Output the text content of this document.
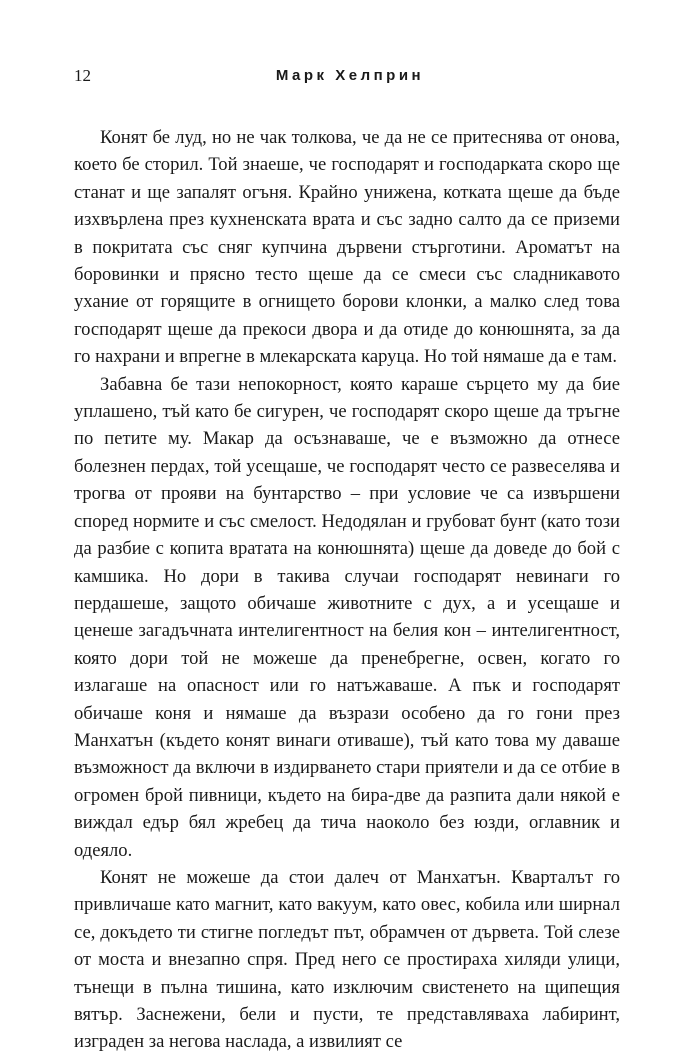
12	Марк Хелприн

Конят бе луд, но не чак толкова, че да не се притеснява от онова, което бе сторил. Той знаеше, че господарят и господарката скоро ще станат и ще запалят огъня. Крайно унижена, котката щеше да бъде изхвърлена през кухненската врата и със задно салто да се приземи в покритата със сняг купчина дървени стърготини. Ароматът на боровинки и прясно тесто щеше да се смеси със сладникавото ухание от горящите в огнището борови клонки, а малко след това господарят щеше да прекоси двора и да отиде до конюшнята, за да го нахрани и впрегне в млекарската каруца. Но той нямаше да е там.

Забавна бе тази непокорност, която караше сърцето му да бие уплашено, тъй като бе сигурен, че господарят скоро щеше да тръгне по петите му. Макар да осъзнаваше, че е възможно да отнесе болезнен пердах, той усещаше, че господарят често се развеселява и трогва от прояви на бунтарство – при условие че са извършени според нормите и със смелост. Недодялан и грубоват бунт (като този да разбие с копита вратата на конюшнята) щеше да доведе до бой с камшика. Но дори в такива случаи господарят невинаги го пердашеше, защото обичаше животните с дух, а и усещаше и ценеше загадъчната интелигентност на белия кон – интелигентност, която дори той не можеше да пренебрегне, освен, когато го излагаше на опасност или го натъжаваше. А пък и господарят обичаше коня и нямаше да възрази особено да го гони през Манхатън (където конят винаги отиваше), тъй като това му даваше възможност да включи в издирването стари приятели и да се отбие в огромен брой пивници, където на бира-две да разпита дали някой е виждал едър бял жребец да тича наоколо без юзди, оглавник и одеяло.

Конят не можеше да стои далеч от Манхатън. Кварталът го привличаше като магнит, като вакуум, като овес, кобила или ширнал се, докъдето ти стигне погледът път, обрамчен от дървета. Той слезе от моста и внезапно спря. Пред него се простираха хиляди улици, тънещи в пълна тишина, като изключим свистенето на щипещия вятър. Заснежени, бели и пусти, те представляваха лабиринт, изграден за негова наслада, а извилият се
